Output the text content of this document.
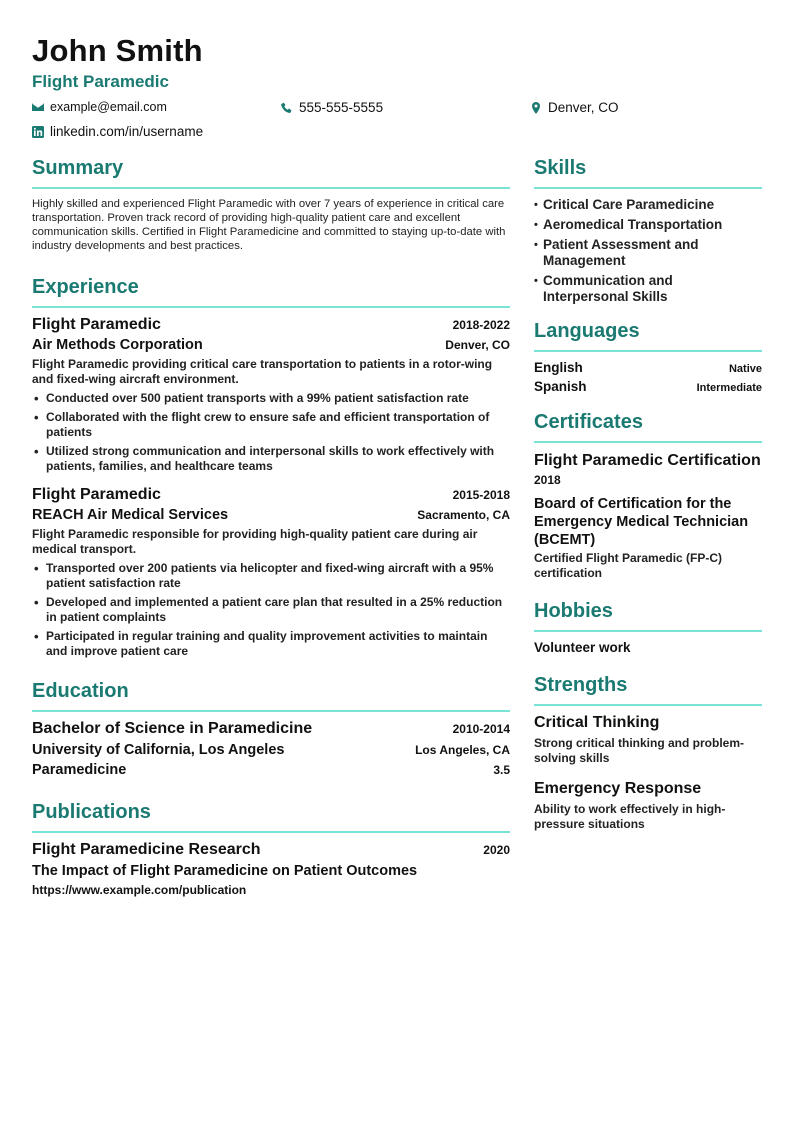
John Smith
Flight Paramedic
example@email.com	555-555-5555	Denver, CO
linkedin.com/in/username
Summary
Highly skilled and experienced Flight Paramedic with over 7 years of experience in critical care transportation. Proven track record of providing high-quality patient care and excellent communication skills. Certified in Flight Paramedicine and committed to staying up-to-date with industry developments and best practices.
Experience
Flight Paramedic	2018-2022
Air Methods Corporation	Denver, CO
Flight Paramedic providing critical care transportation to patients in a rotor-wing and fixed-wing aircraft environment.
• Conducted over 500 patient transports with a 99% patient satisfaction rate
• Collaborated with the flight crew to ensure safe and efficient transportation of patients
• Utilized strong communication and interpersonal skills to work effectively with patients, families, and healthcare teams
Flight Paramedic	2015-2018
REACH Air Medical Services	Sacramento, CA
Flight Paramedic responsible for providing high-quality patient care during air medical transport.
• Transported over 200 patients via helicopter and fixed-wing aircraft with a 95% patient satisfaction rate
• Developed and implemented a patient care plan that resulted in a 25% reduction in patient complaints
• Participated in regular training and quality improvement activities to maintain and improve patient care
Education
Bachelor of Science in Paramedicine	2010-2014
University of California, Los Angeles	Los Angeles, CA
Paramedicine	3.5
Publications
Flight Paramedicine Research	2020
The Impact of Flight Paramedicine on Patient Outcomes
https://www.example.com/publication
Skills
• Critical Care Paramedicine
• Aeromedical Transportation
• Patient Assessment and Management
• Communication and Interpersonal Skills
Languages
English	Native
Spanish	Intermediate
Certificates
Flight Paramedic Certification
2018
Board of Certification for the Emergency Medical Technician (BCEMT)
Certified Flight Paramedic (FP-C) certification
Hobbies
Volunteer work
Strengths
Critical Thinking
Strong critical thinking and problem-solving skills
Emergency Response
Ability to work effectively in high-pressure situations
